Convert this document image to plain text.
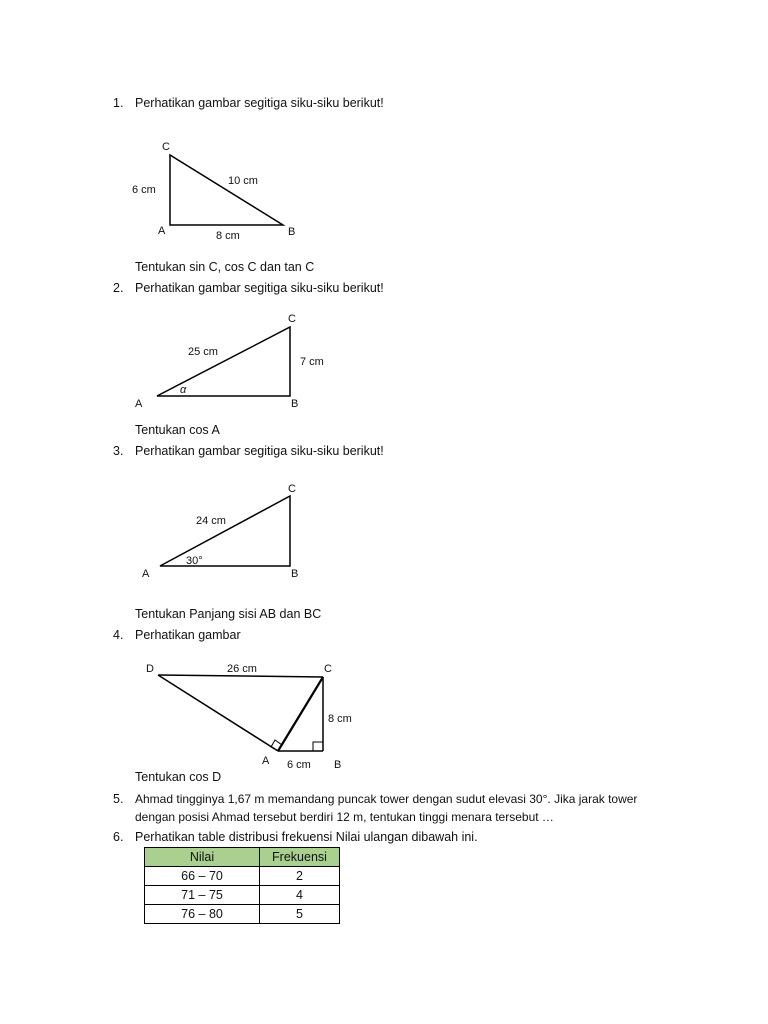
1. Perhatikan gambar segitiga siku-siku berikut!
C
A	B
6 cm
8 cm
10 cm
Tentukan sin C, cos C dan tan C
2. Perhatikan gambar segitiga siku-siku berikut!
C
A	B
25 cm
7 cm
α
Tentukan cos A
3. Perhatikan gambar segitiga siku-siku berikut!
C
A	B
24 cm
30°
Tentukan Panjang sisi AB dan BC
4. Perhatikan gambar
D	C
A	B
26 cm
8 cm
6 cm
Tentukan cos D
5. Ahmad tingginya 1,67 m memandang puncak tower dengan sudut elevasi 30°. Jika jarak tower
dengan posisi Ahmad tersebut berdiri 12 m, tentukan tinggi menara tersebut …
6. Perhatikan table distribusi frekuensi Nilai ulangan dibawah ini.
Nilai	Frekuensi
66 – 70	2
71 – 75	4
76 – 80	5
